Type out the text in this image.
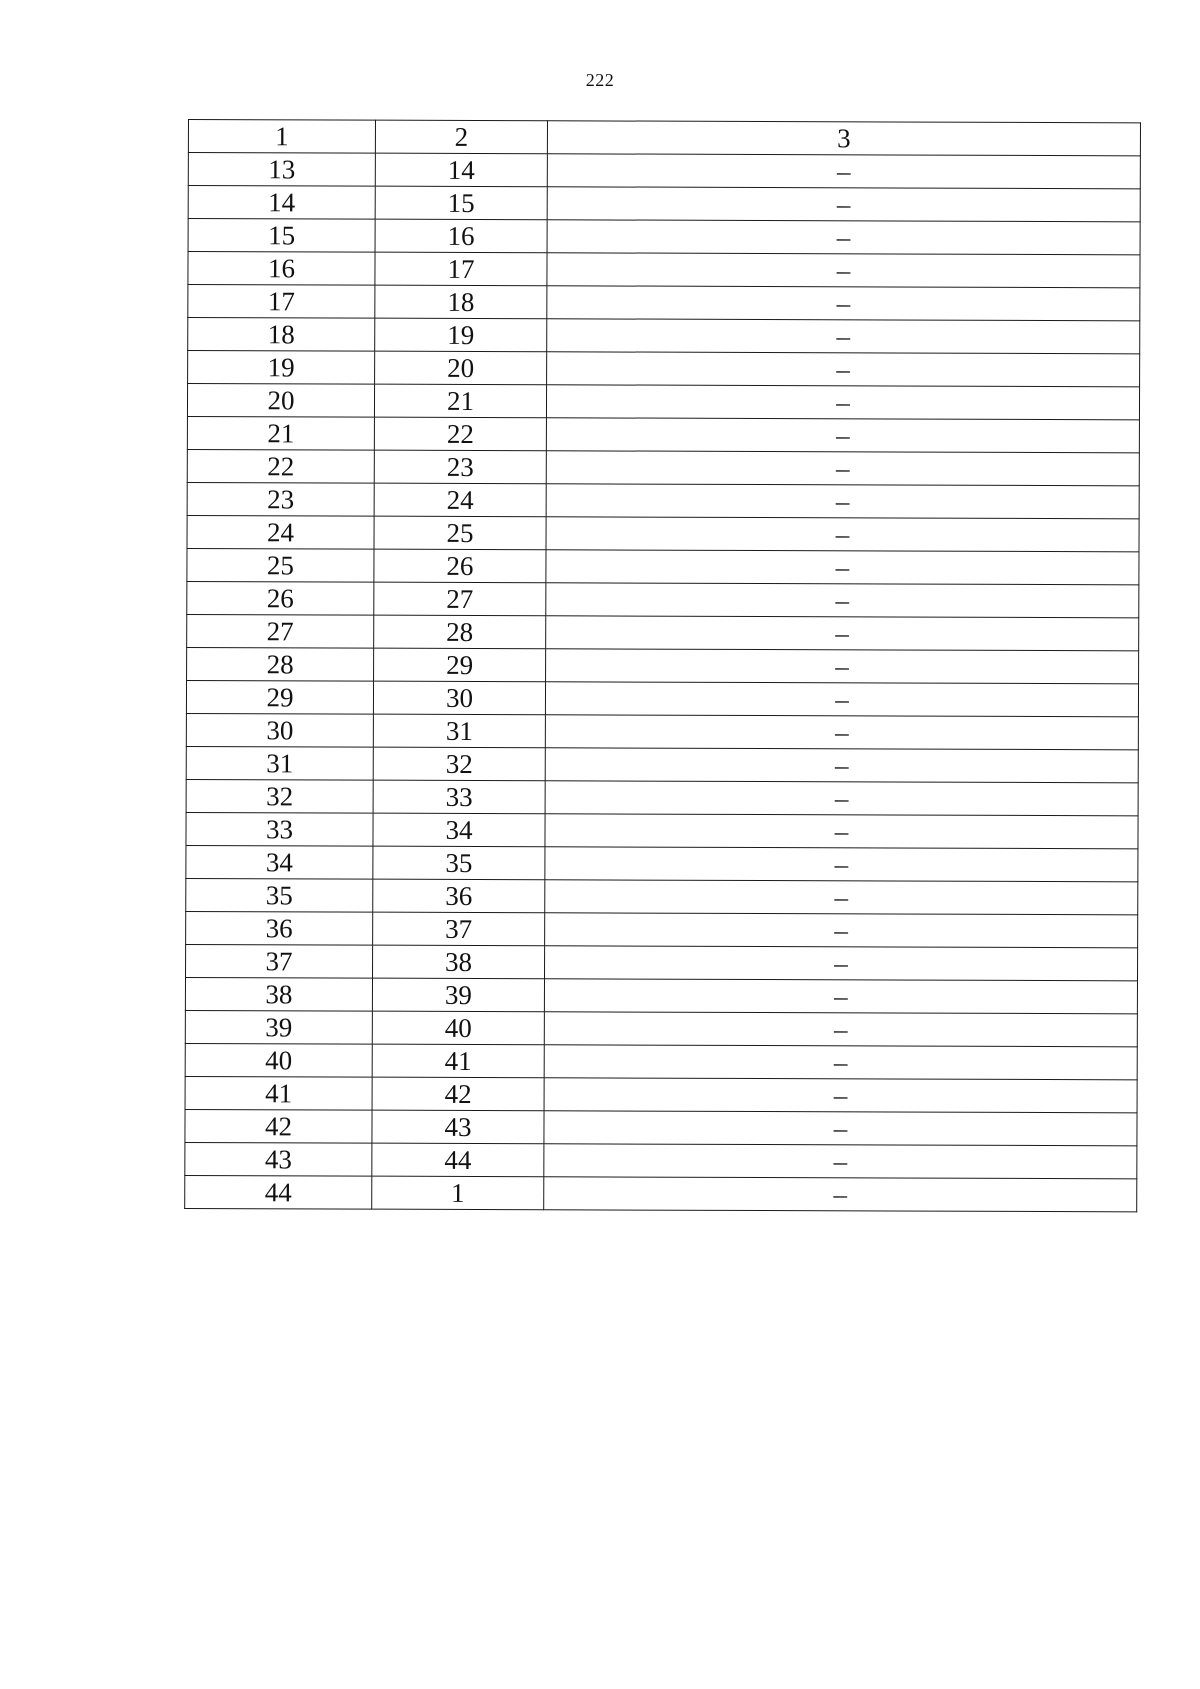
222
1	2	3
13	14	–
14	15	–
15	16	–
16	17	–
17	18	–
18	19	–
19	20	–
20	21	–
21	22	–
22	23	–
23	24	–
24	25	–
25	26	–
26	27	–
27	28	–
28	29	–
29	30	–
30	31	–
31	32	–
32	33	–
33	34	–
34	35	–
35	36	–
36	37	–
37	38	–
38	39	–
39	40	–
40	41	–
41	42	–
42	43	–
43	44	–
44	1	–
